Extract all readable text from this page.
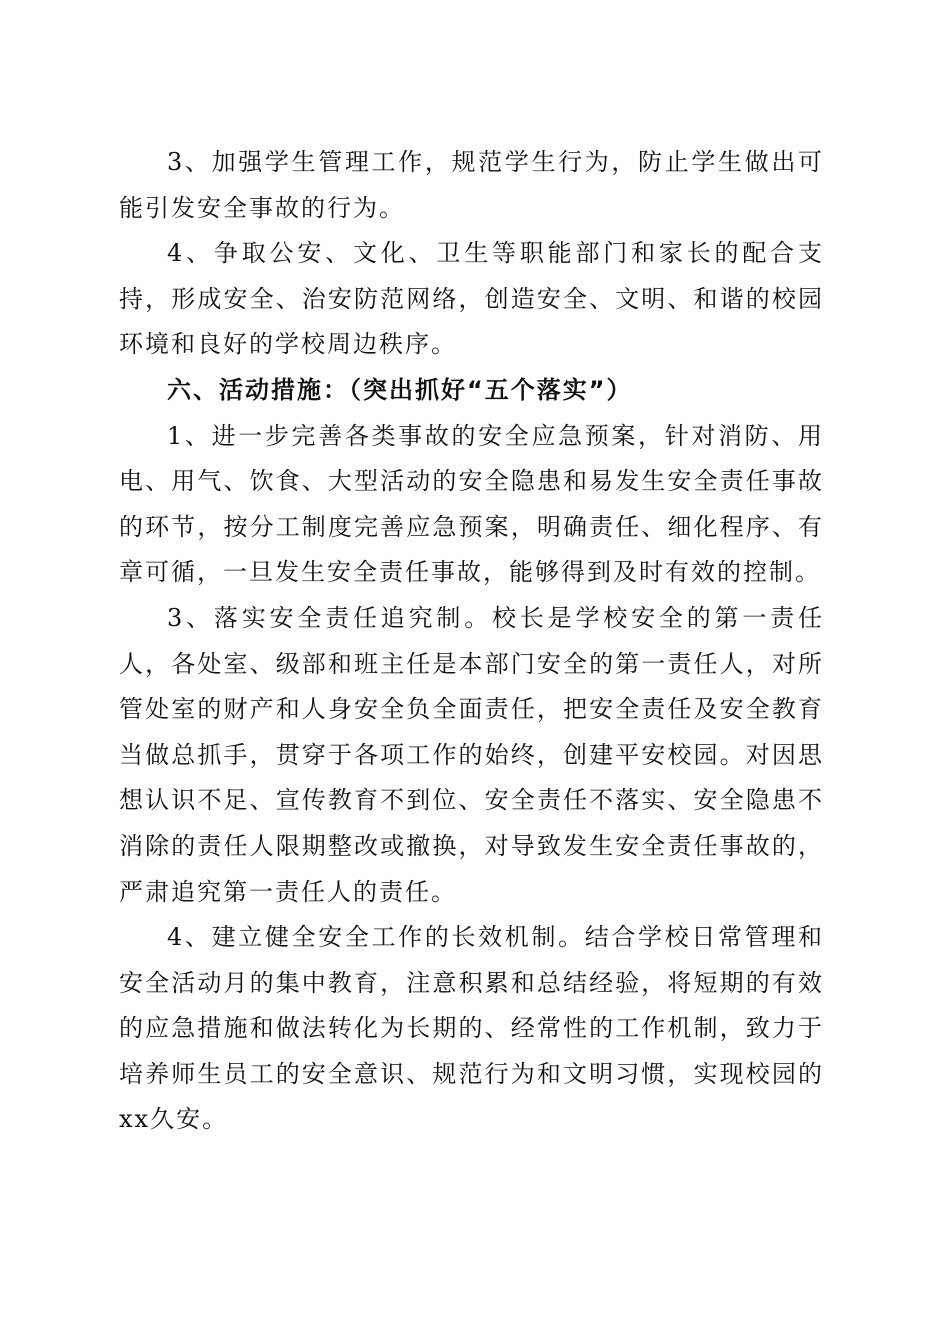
3、加强学生管理工作，规范学生行为，防止学生做出可能引发安全事故的行为。

4、争取公安、文化、卫生等职能部门和家长的配合支持，形成安全、治安防范网络，创造安全、文明、和谐的校园环境和良好的学校周边秩序。

六、活动措施：（突出抓好“五个落实”）

1、进一步完善各类事故的安全应急预案，针对消防、用电、用气、饮食、大型活动的安全隐患和易发生安全责任事故的环节，按分工制度完善应急预案，明确责任、细化程序、有章可循，一旦发生安全责任事故，能够得到及时有效的控制。

3、落实安全责任追究制。校长是学校安全的第一责任人，各处室、级部和班主任是本部门安全的第一责任人，对所管处室的财产和人身安全负全面责任，把安全责任及安全教育当做总抓手，贯穿于各项工作的始终，创建平安校园。对因思想认识不足、宣传教育不到位、安全责任不落实、安全隐患不消除的责任人限期整改或撤换，对导致发生安全责任事故的，严肃追究第一责任人的责任。

4、建立健全安全工作的长效机制。结合学校日常管理和安全活动月的集中教育，注意积累和总结经验，将短期的有效的应急措施和做法转化为长期的、经常性的工作机制，致力于培养师生员工的安全意识、规范行为和文明习惯，实现校园的xx久安。
